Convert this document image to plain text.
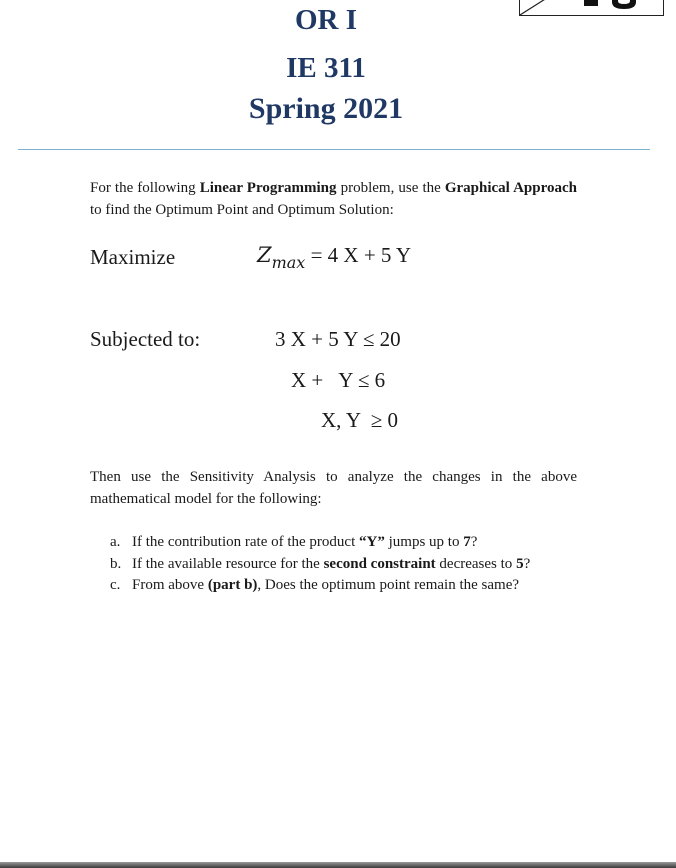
OR I
IE 311
Spring 2021
For the following Linear Programming problem, use the Graphical Approach to find the Optimum Point and Optimum Solution:
Maximize	$Z_{max} = 4$ X + 5 Y
Subjected to:	3 X + 5 Y ≤ 20
X +   Y ≤ 6
X, Y  ≥ 0
Then use the Sensitivity Analysis to analyze the changes in the above mathematical model for the following:
a. If the contribution rate of the product “Y” jumps up to 7?
b. If the available resource for the second constraint decreases to 5?
c. From above (part b), Does the optimum point remain the same?
